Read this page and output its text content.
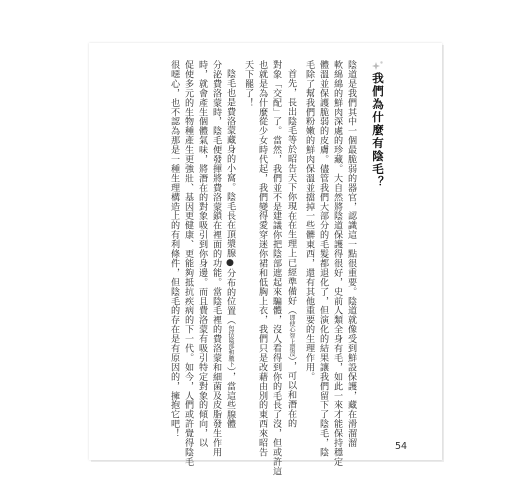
我們為什麼有陰毛？
陰道是我們其中一個最脆弱的器官，認識這一點很重要。陰道就像受到鮮設保護，藏在滑溜溜
軟綿綿的鮮肉深處的珍藏。大自然將陰道保護得很好，史前人類全身有毛，如此一來才能保持穩定
體溫並保護脆弱的皮膚。儘管我們大部分的毛髮都退化了，但演化的結果讓我們留下了陰毛，陰
毛除了幫我們粉嫩的鮮肉保溫並擋掉一些髒東西，還有其他重要的生理作用。
首先，長出陰毛等於昭告天下你現在在生理上已經準備好（即使心智上還沒），可以和潛在的
對象「交配」了。當然，我們並不是建議你把陰部遮起來騙體，沒人看得到你的毛長了沒，但或許這
也就是為什麼從少女時代起，我們變得愛穿迷你裙和低胸上衣，我們只是改藉由別的東西來昭告
天下罷了！
陰毛也是費洛蒙藏身的小窩。陰毛長在頂漿腺●分布的位置（包括陰部和腋下），當這些腺體
分泌費洛蒙時，陰毛便發揮將費洛蒙鎖在裡面的功能。當陰毛裡的費洛蒙和細菌及皮脂發生作用
時，就會產生個體氣味，將潛在的對象吸引到你身邊。而且費洛蒙有吸引特定對象的傾向，以
促使多元的生物種產生更強壯、基因更健康、更能夠抵抗疾病的下一代。如今，人們或許覺得陰毛
很噁心，也不認為那是一種生理構造上的有利條件，但陰毛的存在是有原因的，擁抱它吧！
54
